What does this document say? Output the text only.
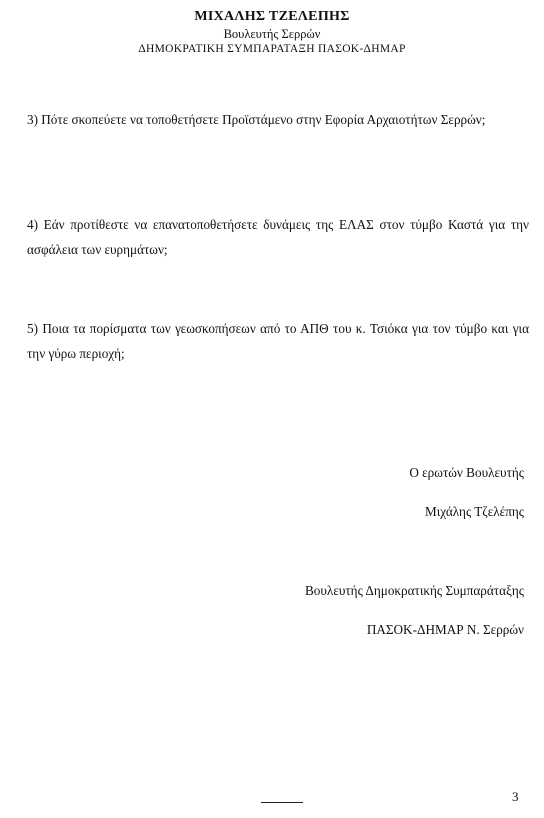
ΜΙΧΑΛΗΣ ΤΖΕΛΕΠΗΣ
Βουλευτής Σερρών
ΔΗΜΟΚΡΑΤΙΚΗ ΣΥΜΠΑΡΑΤΑΞΗ ΠΑΣΟΚ-ΔΗΜΑΡ

3) Πότε σκοπεύετε να τοποθετήσετε Προϊστάμενο στην Εφορία Αρχαιοτήτων Σερρών;

4) Εάν προτίθεστε να επανατοποθετήσετε δυνάμεις της ΕΛΑΣ στον τύμβο Καστά για την ασφάλεια των ευρημάτων;

5) Ποια τα πορίσματα των γεωσκοπήσεων από το ΑΠΘ του κ. Τσιόκα για τον τύμβο και για την γύρω περιοχή;

Ο ερωτών Βουλευτής
Μιχάλης Τζελέπης
Βουλευτής Δημοκρατικής Συμπαράταξης
ΠΑΣΟΚ-ΔΗΜΑΡ Ν. Σερρών
3
